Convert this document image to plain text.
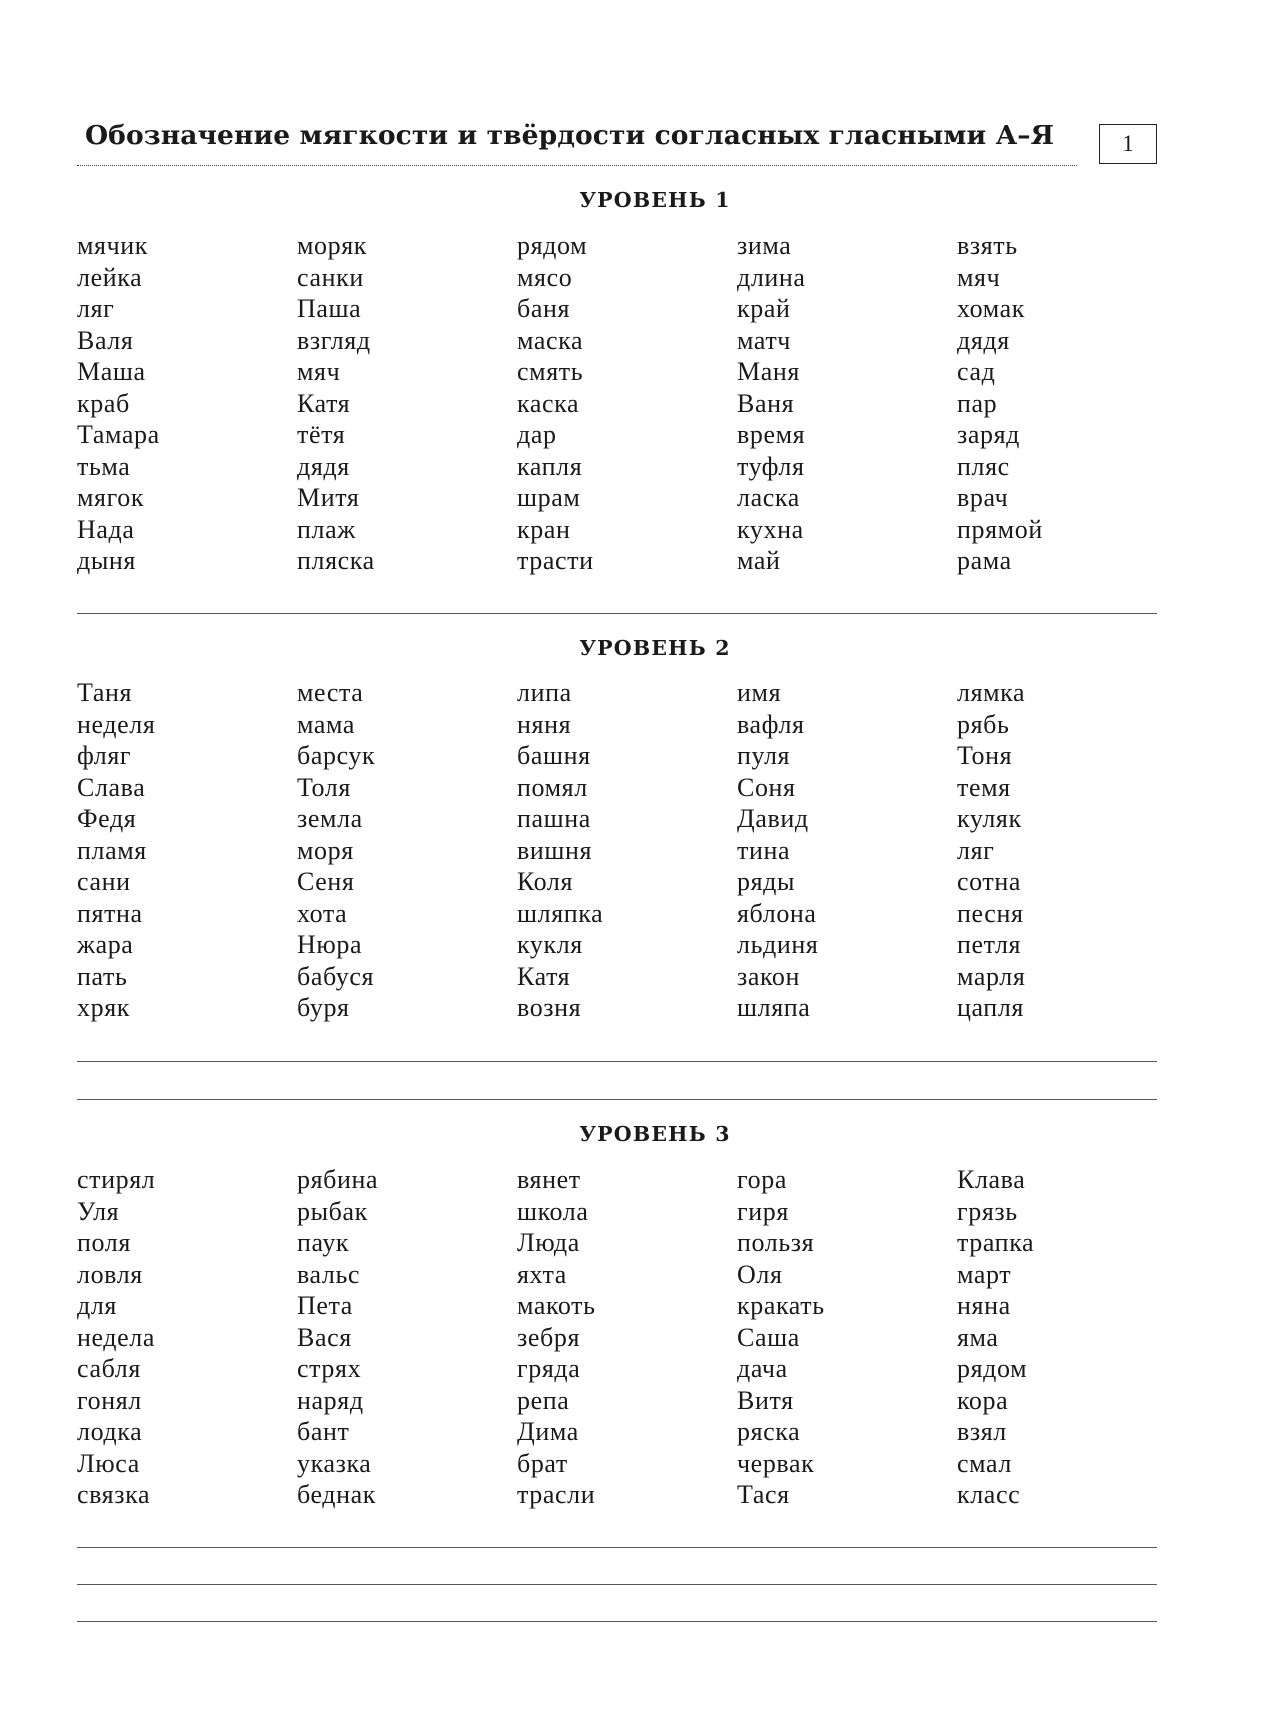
Обозначение мягкости и твёрдости согласных гласными А–Я	1
УРОВЕНЬ 1
мячик	моряк	рядом	зима	взять
лейка	санки	мясо	длина	мяч
ляг	Паша	баня	край	хомак
Валя	взгляд	маска	матч	дядя
Маша	мяч	смять	Маня	сад
краб	Катя	каска	Ваня	пар
Тамара	тётя	дар	время	заряд
тьма	дядя	капля	туфля	пляс
мягок	Митя	шрам	ласка	врач
Нада	плаж	кран	кухна	прямой
дыня	пляска	трасти	май	рама
УРОВЕНЬ 2
Таня	места	липа	имя	лямка
неделя	мама	няня	вафля	рябь
фляг	барсук	башня	пуля	Тоня
Слава	Толя	помял	Соня	темя
Федя	земла	пашна	Давид	куляк
пламя	моря	вишня	тина	ляг
сани	Сеня	Коля	ряды	сотна
пятна	хота	шляпка	яблона	песня
жара	Нюра	кукля	льдиня	петля
пать	бабуся	Катя	закон	марля
хряк	буря	возня	шляпа	цапля
УРОВЕНЬ 3
стирял	рябина	вянет	гора	Клава
Уля	рыбак	школа	гиря	грязь
поля	паук	Люда	пользя	трапка
ловля	вальс	яхта	Оля	март
для	Пета	макоть	кракать	няна
недела	Вася	зебря	Саша	яма
сабля	стрях	гряда	дача	рядом
гонял	наряд	репа	Витя	кора
лодка	бант	Дима	ряска	взял
Люса	указка	брат	червак	смал
связка	беднак	трасли	Тася	класс
